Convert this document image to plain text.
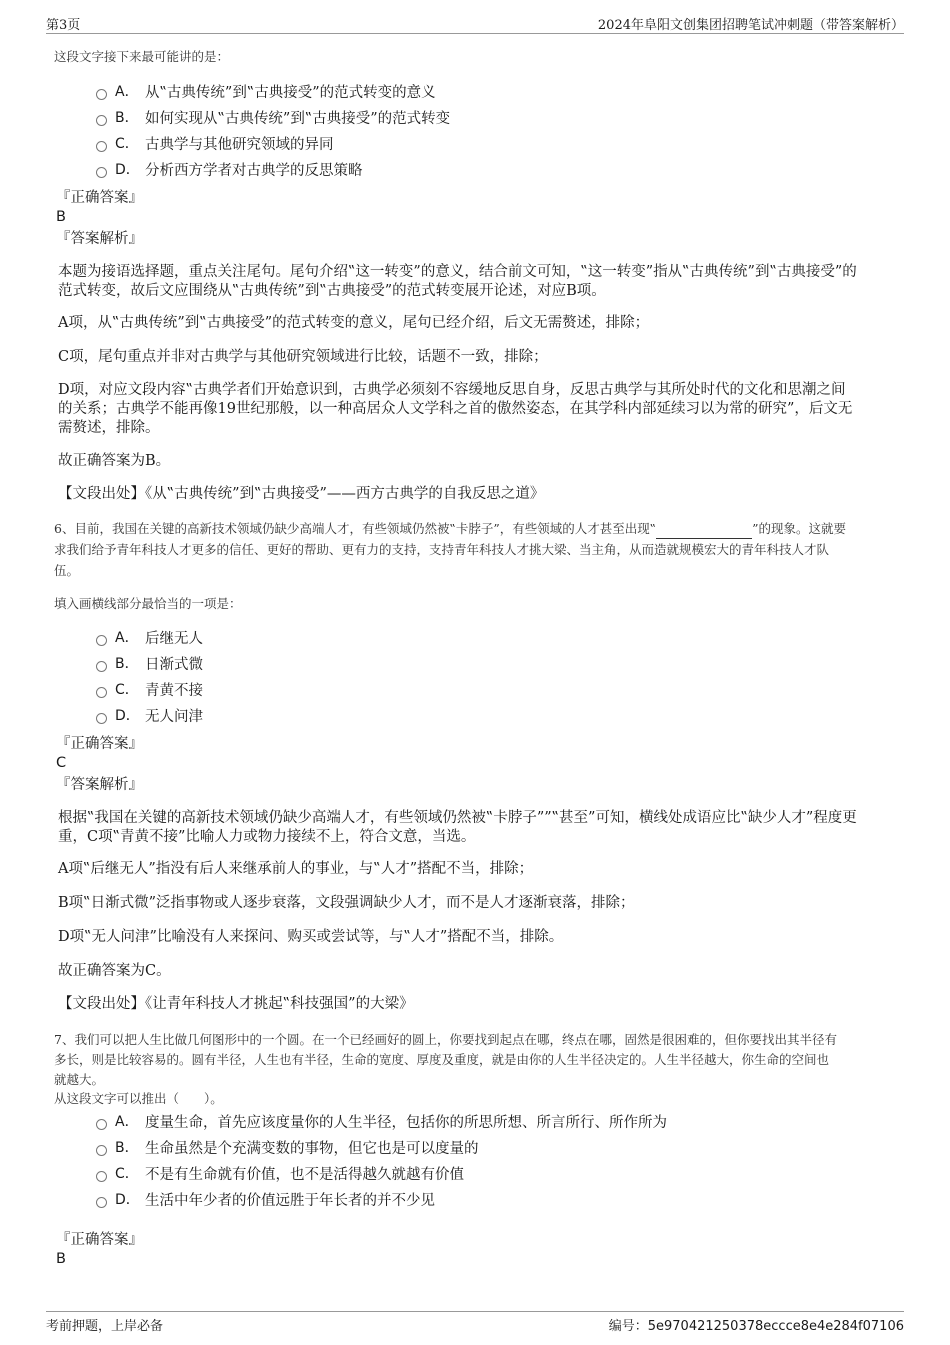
第3页	2024年阜阳文创集团招聘笔试冲刺题（带答案解析）
这段文字接下来最可能讲的是：
A． 从‟古典传统”到‟古典接受”的范式转变的意义
B． 如何实现从‟古典传统”到‟古典接受”的范式转变
C． 古典学与其他研究领域的异同
D． 分析西方学者对古典学的反思策略
『正确答案』
B
『答案解析』
本题为接语选择题，重点关注尾句。尾句介绍‟这一转变”的意义，结合前文可知，‟这一转变”指从‟古典传统”到‟古典接受”的
范式转变，故后文应围绕从‟古典传统”到‟古典接受”的范式转变展开论述，对应B项。
A项，从‟古典传统”到‟古典接受”的范式转变的意义，尾句已经介绍，后文无需赘述，排除；
C项，尾句重点并非对古典学与其他研究领域进行比较，话题不一致，排除；
D项，对应文段内容‟古典学者们开始意识到，古典学必须刻不容缓地反思自身，反思古典学与其所处时代的文化和思潮之间
的关系；古典学不能再像19世纪那般，以一种高居众人文学科之首的傲然姿态，在其学科内部延续习以为常的研究”，后文无
需赘述，排除。
故正确答案为B。
【文段出处】《从‟古典传统”到‟古典接受”——西方古典学的自我反思之道》
6、目前，我国在关键的高新技术领域仍缺少高端人才，有些领域仍然被‟卡脖子”，有些领域的人才甚至出现‟	”的现象。这就要
求我们给予青年科技人才更多的信任、更好的帮助、更有力的支持，支持青年科技人才挑大梁、当主角，从而造就规模宏大的青年科技人才队
伍。
填入画横线部分最恰当的一项是：
A． 后继无人
B． 日渐式微
C． 青黄不接
D． 无人问津
『正确答案』
C
『答案解析』
根据‟我国在关键的高新技术领域仍缺少高端人才，有些领域仍然被‟卡脖子””‟甚至”可知，横线处成语应比‟缺少人才”程度更
重，C项‟青黄不接”比喻人力或物力接续不上，符合文意，当选。
A项‟后继无人”指没有后人来继承前人的事业，与‟人才”搭配不当，排除；
B项‟日渐式微”泛指事物或人逐步衰落，文段强调缺少人才，而不是人才逐渐衰落，排除；
D项‟无人问津”比喻没有人来探问、购买或尝试等，与‟人才”搭配不当，排除。
故正确答案为C。
【文段出处】《让青年科技人才挑起‟科技强国”的大梁》
7、我们可以把人生比做几何图形中的一个圆。在一个已经画好的圆上，你要找到起点在哪，终点在哪，固然是很困难的，但你要找出其半径有
多长，则是比较容易的。圆有半径，人生也有半径，生命的宽度、厚度及重度，就是由你的人生半径决定的。人生半径越大，你生命的空间也
就越大。
从这段文字可以推出（　　）。
A． 度量生命，首先应该度量你的人生半径，包括你的所思所想、所言所行、所作所为
B． 生命虽然是个充满变数的事物，但它也是可以度量的
C． 不是有生命就有价值，也不是活得越久就越有价值
D． 生活中年少者的价值远胜于年长者的并不少见
『正确答案』
B
考前押题，上岸必备	编号：5e970421250378eccce8e4e284f07106
